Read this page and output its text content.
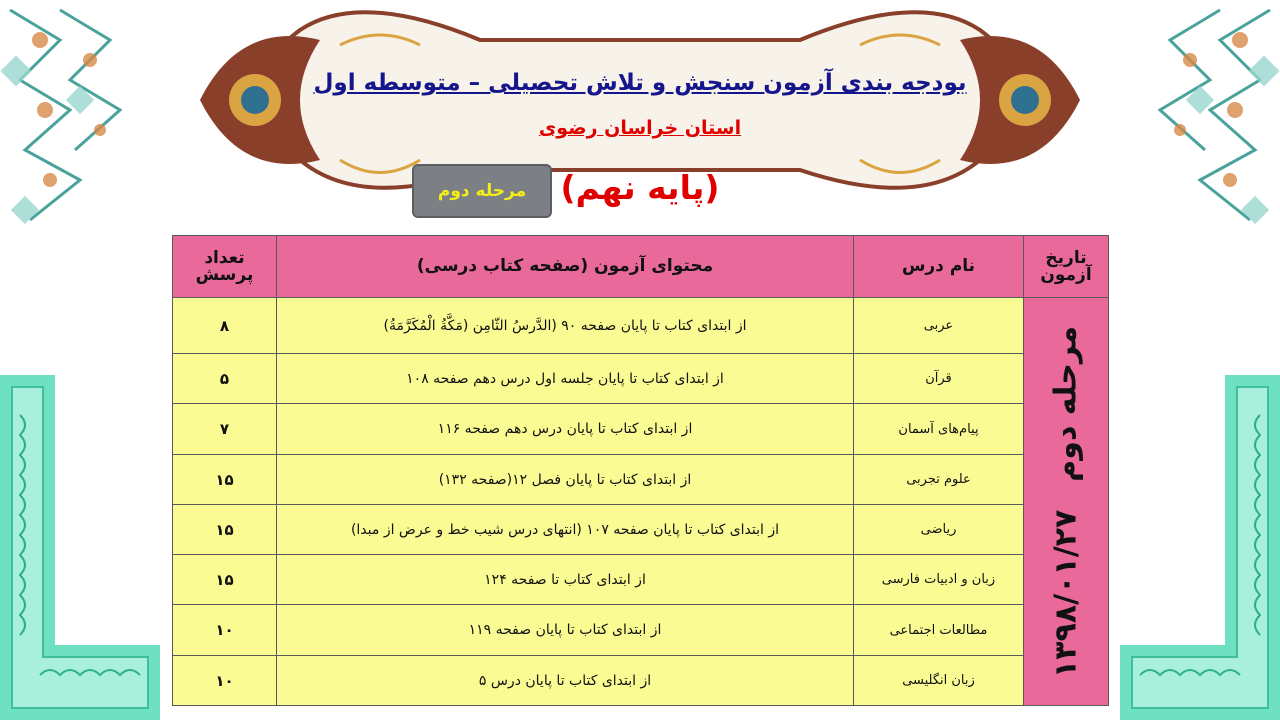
بودجه بندی آزمون سنجش و تلاش تحصیلی – متوسطه اول
استان خراسان رضوی
(پایه نهم)
مرحله دوم
تعداد پرسش	محتوای آزمون (صفحه کتاب درسی)	نام درس	تاریخ آزمون
۸	از ابتدای کتاب تا پایان صفحه ۹۰ (الدَّرسُ الثّامِن (مَکَّةُ الْمُکَرَّمَةُ)	عربی	مرحله دوم۱۳۹۸/۰۱/۲۷

۵	از ابتدای کتاب تا پایان جلسه اول درس دهم صفحه ۱۰۸	قرآن	
۷	از ابتدای کتاب تا پایان درس دهم صفحه ۱۱۶	پیام‌های آسمان	
۱۵	از ابتدای کتاب تا پایان فصل ۱۲(صفحه ۱۳۲)	علوم تجربی	
۱۵	از ابتدای کتاب تا پایان صفحه ۱۰۷ (انتهای درس شیب خط و عرض از مبدا)	ریاضی	
۱۵	از ابتدای کتاب تا صفحه ۱۲۴	زبان و ادبیات فارسی	
۱۰	از ابتدای کتاب تا پایان صفحه ۱۱۹	مطالعات اجتماعی	
۱۰	از ابتدای کتاب تا پایان درس ۵	زبان انگلیسی	
